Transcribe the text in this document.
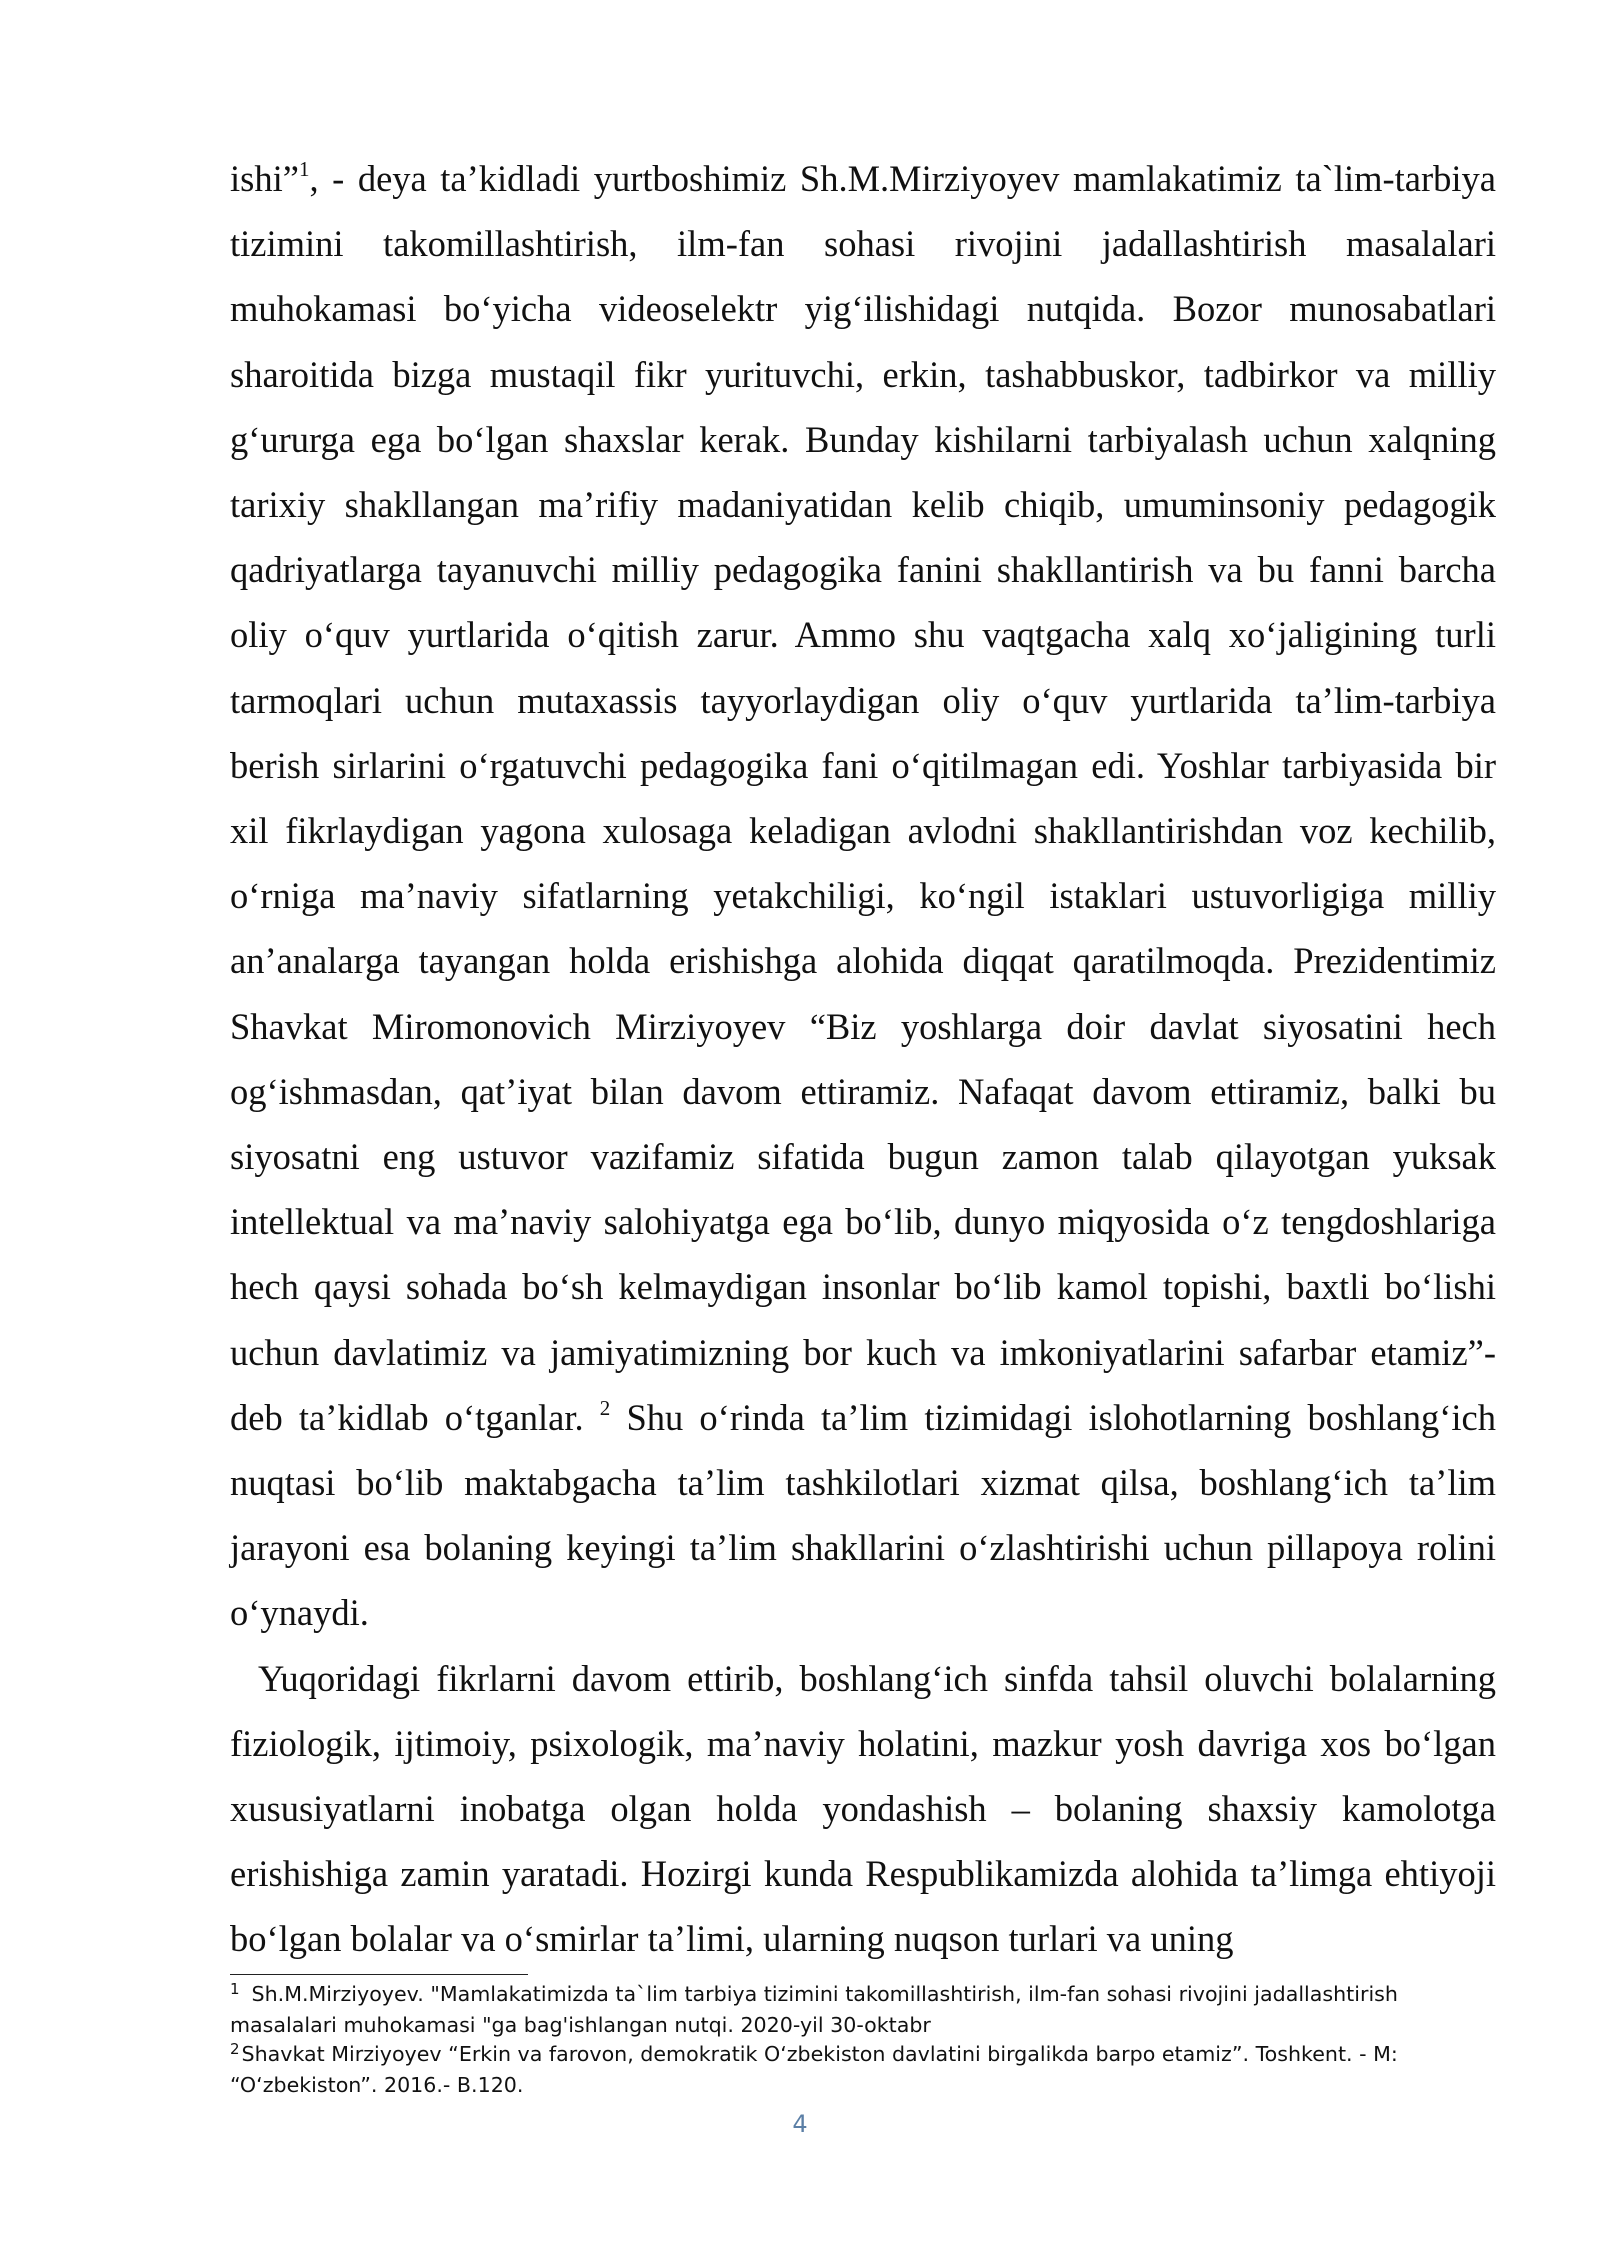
ishi”$^1$, - deya ta’kidladi yurtboshimiz Sh.M.Mirziyoyev mamlakatimiz ta`lim-tarbiya tizimini takomillashtirish, ilm-fan sohasi rivojini jadallashtirish masalalari muhokamasi bo‘yicha videoselektr yig‘ilishidagi nutqida. Bozor munosabatlari sharoitida bizga mustaqil fikr yurituvchi, erkin, tashabbuskor, tadbirkor va milliy g‘ururga ega bo‘lgan shaxslar kerak. Bunday kishilarni tarbiyalash uchun xalqning tarixiy shakllangan ma’rifiy madaniyatidan kelib chiqib, umuminsoniy pedagogik qadriyatlarga tayanuvchi milliy pedagogika fanini shakllantirish va bu fanni barcha oliy o‘quv yurtlarida o‘qitish zarur. Ammo shu vaqtgacha xalq xo‘jaligining turli tarmoqlari uchun mutaxassis tayyorlaydigan oliy o‘quv yurtlarida ta’lim-tarbiya berish sirlarini o‘rgatuvchi pedagogika fani o‘qitilmagan edi. Yoshlar tarbiyasida bir xil fikrlaydigan yagona xulosaga keladigan avlodni shakllantirishdan voz kechilib, o‘rniga ma’naviy sifatlarning yetakchiligi, ko‘ngil istaklari ustuvorligiga milliy an’analarga tayangan holda erishishga alohida diqqat qaratilmoqda. Prezidentimiz Shavkat Miromonovich Mirziyoyev “Biz yoshlarga doir davlat siyosatini hech og‘ishmasdan, qat’iyat bilan davom ettiramiz. Nafaqat davom ettiramiz, balki bu siyosatni eng ustuvor vazifamiz sifatida bugun zamon talab qilayotgan yuksak intellektual va ma’naviy salohiyatga ega bo‘lib, dunyo miqyosida o‘z tengdoshlariga hech qaysi sohada bo‘sh kelmaydigan insonlar bo‘lib kamol topishi, baxtli bo‘lishi uchun davlatimiz va jamiyatimizning bor kuch va imkoniyatlarini safarbar etamiz”-deb ta’kidlab o‘tganlar. $^2$ Shu o‘rinda ta’lim tizimidagi islohotlarning boshlang‘ich nuqtasi bo‘lib maktabgacha ta’lim tashkilotlari xizmat qilsa, boshlang‘ich ta’lim jarayoni esa bolaning keyingi ta’lim shakllarini o‘zlashtirishi uchun pillapoya rolini o‘ynaydi.

Yuqoridagi fikrlarni davom ettirib, boshlang‘ich sinfda tahsil oluvchi bolalarning fiziologik, ijtimoiy, psixologik, ma’naviy holatini, mazkur yosh davriga xos bo‘lgan xususiyatlarni inobatga olgan holda yondashish – bolaning shaxsiy kamolotga erishishiga zamin yaratadi. Hozirgi kunda Respublikamizda alohida ta’limga ehtiyoji bo‘lgan bolalar va o‘smirlar ta’limi, ularning nuqson turlari va uning

$^1$ Sh.M.Mirziyoyev. "Mamlakatimizda ta`lim tarbiya tizimini takomillashtirish, ilm-fan sohasi rivojini jadallashtirish masalalari muhokamasi "ga bag'ishlangan nutqi. 2020-yil 30-oktabr

$^2$Shavkat Mirziyoyev “Erkin va farovon, demokratik O‘zbekiston davlatini birgalikda barpo etamiz”. Toshkent. - M: “O‘zbekiston”. 2016.- B.120.

4
